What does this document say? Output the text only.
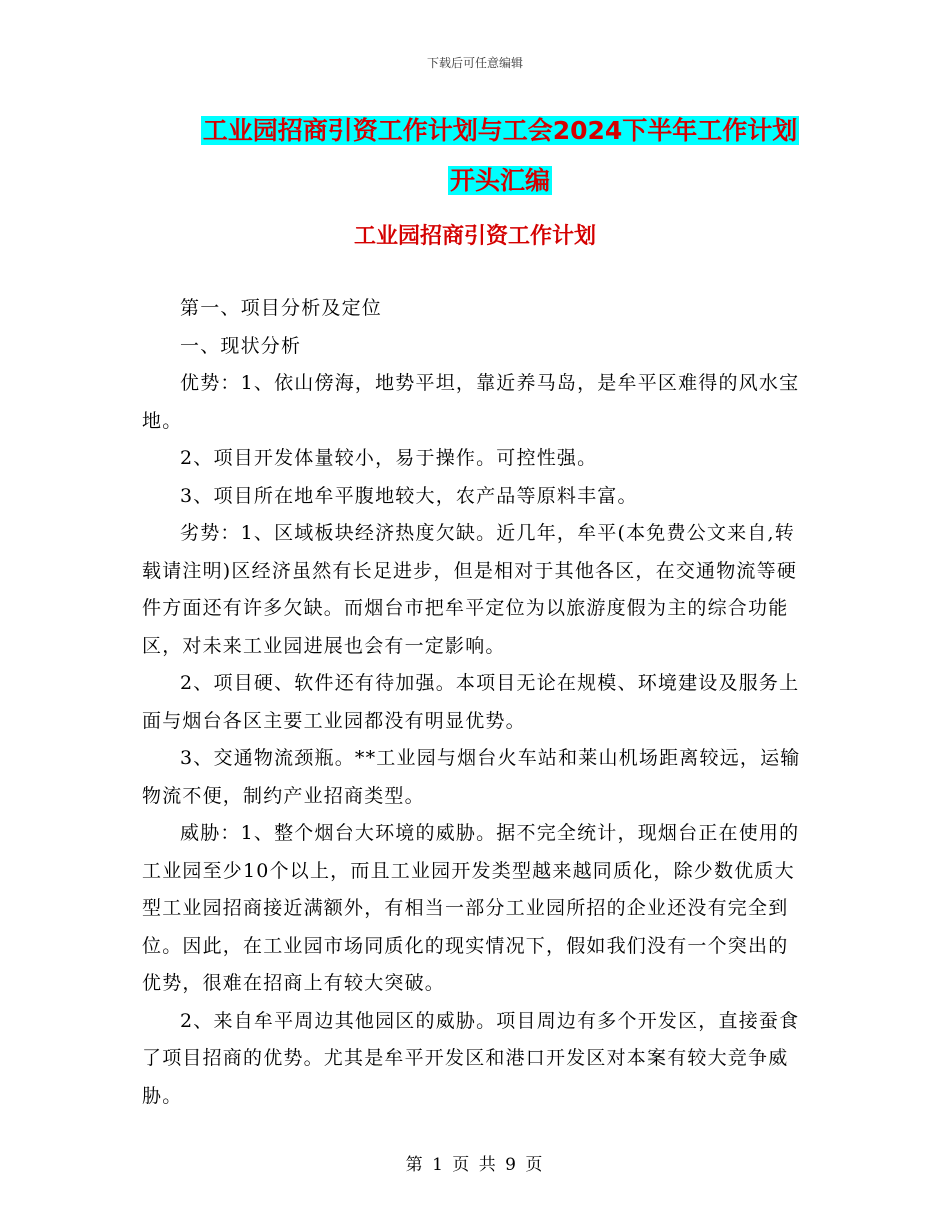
下载后可任意编辑
工业园招商引资工作计划与工会2024下半年工作计划
开头汇编
工业园招商引资工作计划

第一、项目分析及定位

一、现状分析

优势：1、依山傍海，地势平坦，靠近养马岛，是牟平区难得的风水宝地。

2、项目开发体量较小，易于操作。可控性强。

3、项目所在地牟平腹地较大，农产品等原料丰富。

劣势：1、区域板块经济热度欠缺。近几年，牟平(本免费公文来自,转载请注明)区经济虽然有长足进步，但是相对于其他各区，在交通物流等硬件方面还有许多欠缺。而烟台市把牟平定位为以旅游度假为主的综合功能区，对未来工业园进展也会有一定影响。

2、项目硬、软件还有待加强。本项目无论在规模、环境建设及服务上面与烟台各区主要工业园都没有明显优势。

3、交通物流颈瓶。**工业园与烟台火车站和莱山机场距离较远，运输物流不便，制约产业招商类型。

威胁：1、整个烟台大环境的威胁。据不完全统计，现烟台正在使用的工业园至少10个以上，而且工业园开发类型越来越同质化，除少数优质大型工业园招商接近满额外，有相当一部分工业园所招的企业还没有完全到位。因此，在工业园市场同质化的现实情况下，假如我们没有一个突出的优势，很难在招商上有较大突破。

2、来自牟平周边其他园区的威胁。项目周边有多个开发区，直接蚕食了项目招商的优势。尤其是牟平开发区和港口开发区对本案有较大竞争威胁。

第 1 页 共 9 页
